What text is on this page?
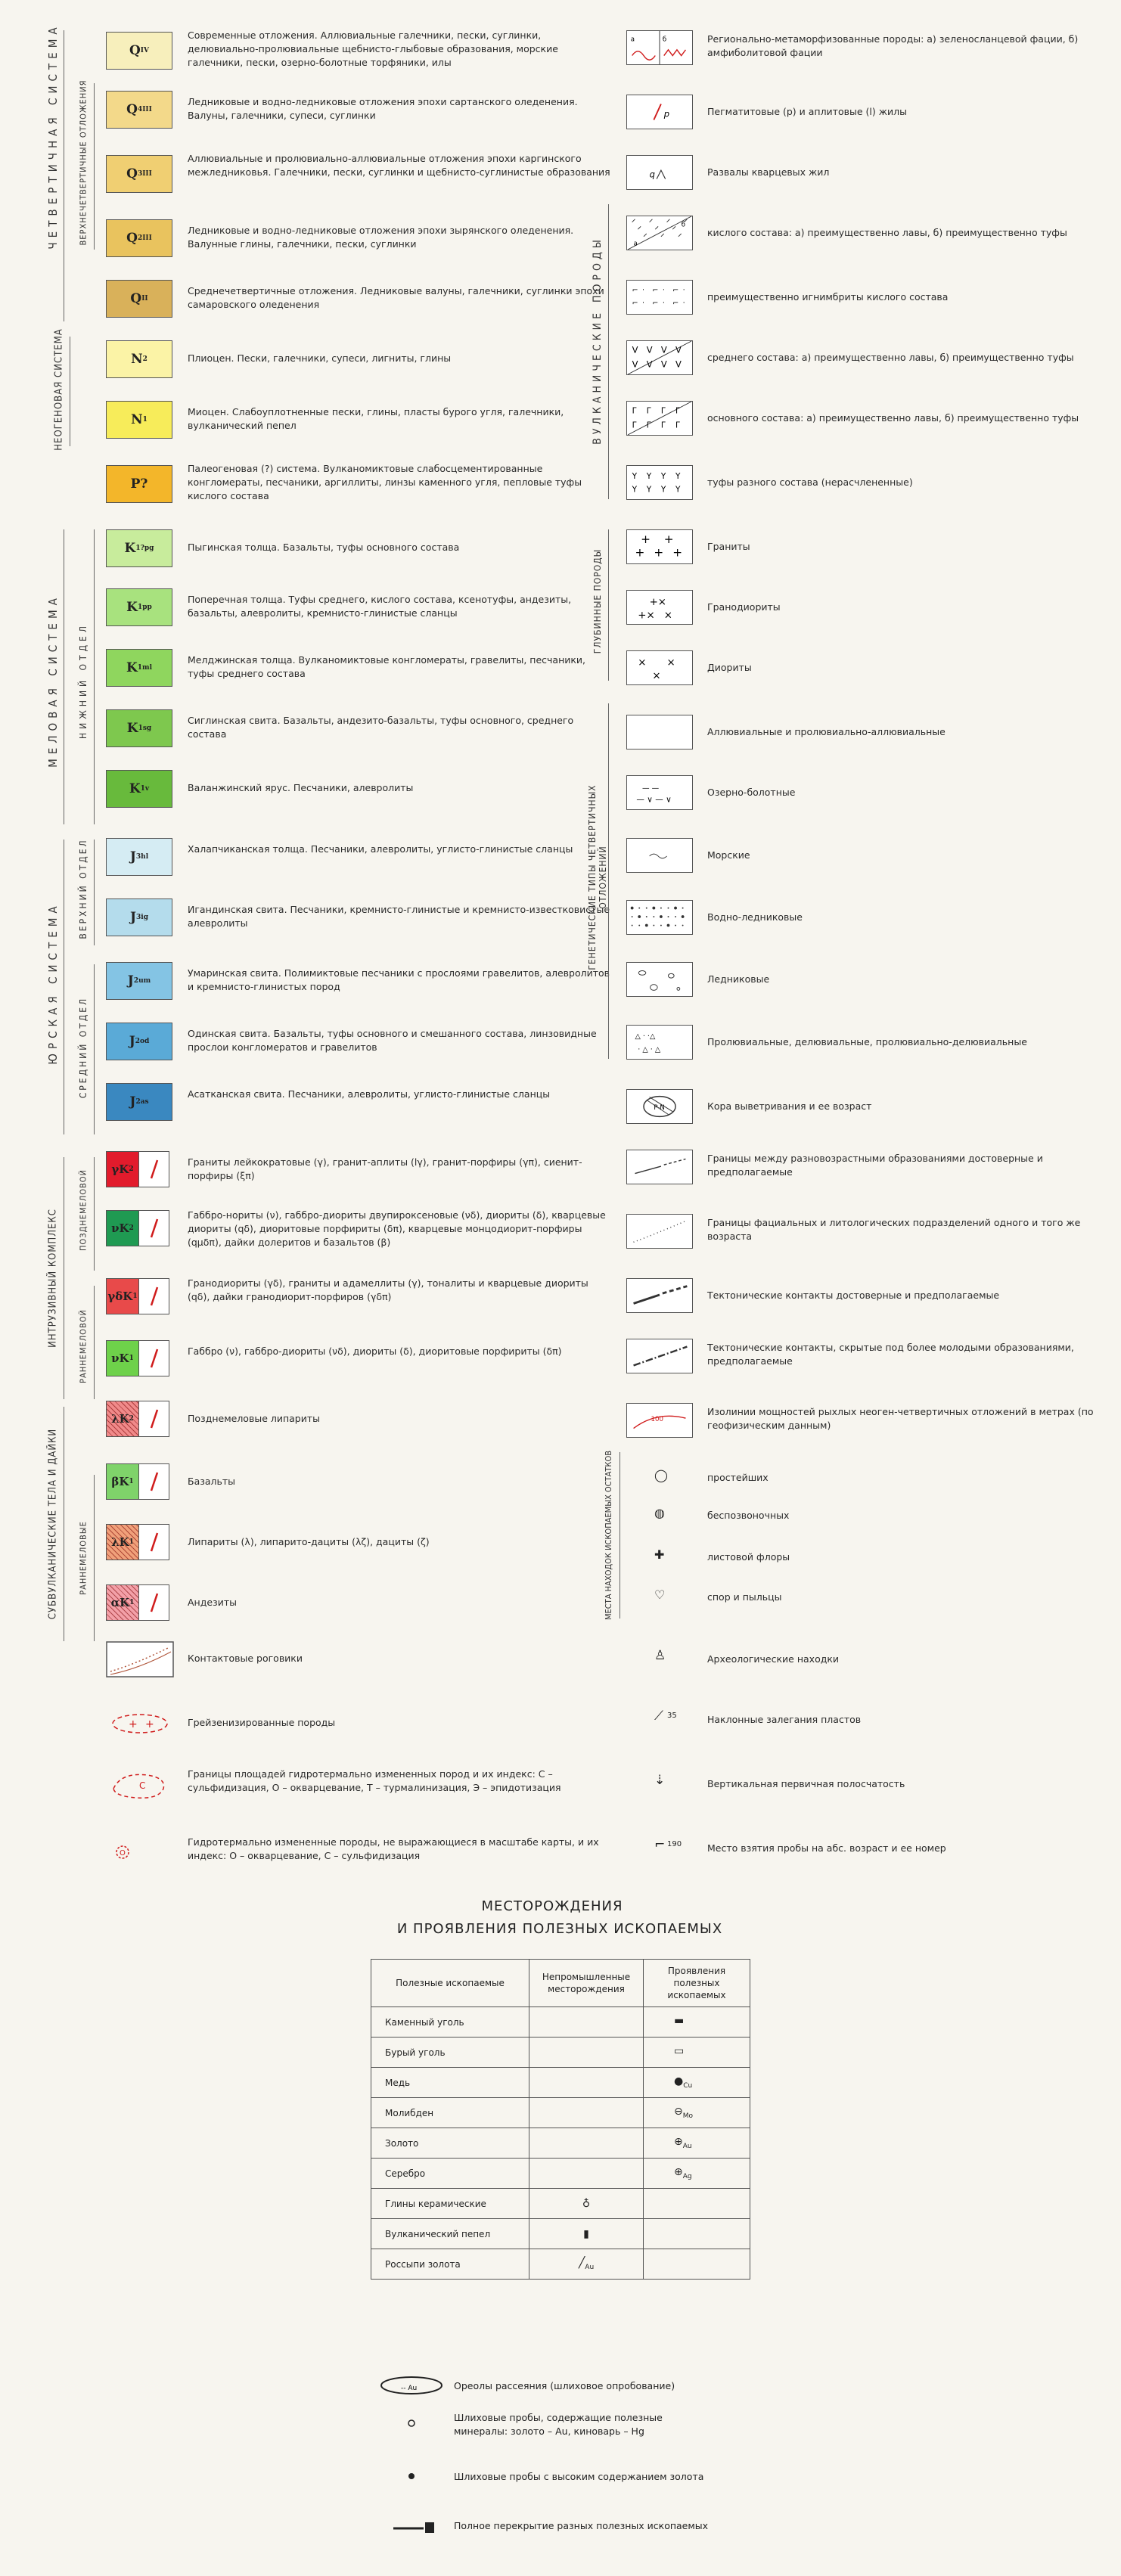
ЧЕТВЕРТИЧНАЯ СИСТЕМА ВЕРХНЕЧЕТВЕРТИЧНЫЕ ОТЛОЖЕНИЯ
НЕОГЕНОВАЯ СИСТЕМА
МЕЛОВАЯ СИСТЕМА НИЖНИЙ ОТДЕЛ
ЮРСКАЯ СИСТЕМА
ВЕРХНИЙ ОТДЕЛ
СРЕДНИЙ ОТДЕЛ
ИНТРУЗИВНЫЙ КОМПЛЕКС ПОЗДНЕМЕЛОВОЙ
РАННЕМЕЛОВОЙ
СУБВУЛКАНИЧЕСКИЕ ТЕЛА И ДАЙКИ РАННЕМЕЛОВЫЕ
Q IV
Современные отложения. Аллювиальные галечники, пески, суглинки, делювиально-пролювиальные щебнисто-глыбовые образования, морские галечники, пески, озерно-болотные торфяники, илы
Q 4 III
Ледниковые и водно-ледниковые отложения эпохи сартанского оледенения. Валуны, галечники, супеси, суглинки
Q 3 III
Аллювиальные и пролювиально-аллювиальные отложения эпохи каргинского межледниковья. Галечники, пески, суглинки и щебнисто-суглинистые образования
Q 2 III
Ледниковые и водно-ледниковые отложения эпохи зырянского оледенения. Валунные глины, галечники, пески, суглинки
Q II
Среднечетвертичные отложения. Ледниковые валуны, галечники, суглинки эпохи самаровского оледенения
N 2	Плиоцен. Пески, галечники, супеси, лигниты, глины
N 1
Миоцен. Слабоуплотненные пески, глины, пласты бурого угля, галечники, вулканический пепел
P?
Палеогеновая (?) система. Вулканомиктовые слабосцементированные конгломераты, песчаники, аргиллиты, линзы каменного угля, пепловые туфы кислого состава
K 1?pg	Пыгинская толща. Базальты, туфы основного состава
K 1pp
Поперечная толща. Туфы среднего, кислого состава, ксенотуфы, андезиты, базальты, алевролиты, кремнисто-глинистые сланцы
K 1ml
Мелджинская толща. Вулканомиктовые конгломераты, гравелиты, песчаники, туфы среднего состава
K 1sg
Сиглинская свита. Базальты, андезито-базальты, туфы основного, среднего состава
K 1v	Валанжинский ярус. Песчаники, алевролиты
J 3hl
Халапчиканская толща. Песчаники, алевролиты, углисто-глинистые сланцы
J 3ig
Игандинская свита. Песчаники, кремнисто-глинистые и кремнисто-известковистые алевролиты
J 2um
Умаринская свита. Полимиктовые песчаники с прослоями гравелитов, алевролитов и кремнисто-глинистых пород
J 2od
Одинская свита. Базальты, туфы основного и смешанного состава, линзовидные прослои конгломератов и гравелитов
J 2as
Асатканская свита. Песчаники, алевролиты, углисто-глинистые сланцы
γK 2
Граниты лейкократовые (γ), гранит-аплиты (lγ), гранит-порфиры (γπ), сиенит-порфиры (ξπ)
νK 2
Габбро-нориты (ν), габбро-диориты двупироксеновые (νδ), диориты (δ), кварцевые диориты (qδ), диоритовые порфириты (δπ), кварцевые монцодиорит-порфиры (qμδπ), дайки долеритов и базальтов (β)
γδK 1
Гранодиориты (γδ), граниты и адамеллиты (γ), тоналиты и кварцевые диориты (qδ), дайки гранодиорит-порфиров (γδπ)
νK 1
Габбро (ν), габбро-диориты (νδ), диориты (δ), диоритовые порфириты (δπ)
λK 2	Позднемеловые липариты
βK 1	Базальты
λK 1	Липариты (λ), липарито-дациты (λζ), дациты (ζ)
αK 1	Андезиты
Контактовые роговики
+ +	Грейзенизированные породы
C
Границы площадей гидротермально измененных пород и их индекс: С – сульфидизация, О – окварцевание, Т – турмалинизация, Э – эпидотизация
O
Гидротермально измененные породы, не выражающиеся в масштабе карты, и их индекс: О – окварцевание, С – сульфидизация
ВУЛКАНИЧЕСКИЕ ПОРОДЫ
ГЛУБИННЫЕ ПОРОДЫ
ГЕНЕТИЧЕСКИЕ ТИПЫ ЧЕТВЕРТИЧНЫХ ОТЛОЖЕНИЙ
МЕСТА НАХОДОК ИСКОПАЕМЫХ ОСТАТКОВ
а	б	Регионально-метаморфизованные породы: а) зеленосланцевой фации, б) амфиболитовой фации
p	Пегматитовые (p) и аплитовые (l) жилы
q	Развалы кварцевых жил
а
б
кислого состава: а) преимущественно лавы, б) преимущественно туфы
⌐ · ⌐ · ⌐ ·
⌐ · ⌐ · ⌐ ·
преимущественно игнимбриты кислого состава
V V V V
V V V V
среднего состава: а) преимущественно лавы, б) преимущественно туфы
Г Г Г Г
Г Г Г Г
основного состава: а) преимущественно лавы, б) преимущественно туфы
Y Y Y Y
Y Y Y Y
туфы разного состава (нерасчлененные)
+ +
+ + +	Граниты
+×
+× ×
Гранодиориты
× ×
×
Диориты
Аллювиальные и пролювиально-аллювиальные
— —
— ∨ — ∨
Озерно-болотные
Морские
Водно-ледниковые
Ледниковые
△ · ·△
· △ · △
Пролювиальные, делювиальные, пролювиально-делювиальные
P-N	Кора выветривания и ее возраст
Границы между разновозрастными образованиями достоверные и предполагаемые
Границы фациальных и литологических подразделений одного и того же возраста
Тектонические контакты достоверные и предполагаемые
Тектонические контакты, скрытые под более молодыми образованиями, предполагаемые
100
Изолинии мощностей рыхлых неоген-четвертичных отложений в метрах (по геофизическим данным)
◯	простейших
◍	беспозвоночных
✚	листовой флоры
♡	спор и пыльцы
♙	Археологические находки
⟋ 35	Наклонные залегания пластов
⇣	Вертикальная первичная полосчатость
⌐ 190	Место взятия пробы на абс. возраст и ее номер
МЕСТОРОЖДЕНИЯ
И ПРОЯВЛЕНИЯ ПОЛЕЗНЫХ ИСКОПАЕМЫХ
Полезные ископаемые	Непромышленные месторождения	Проявления полезных ископаемых
Каменный уголь		▬
Бурый уголь		▭
Медь		$●_{Cu}$
Молибден		$⊖_{Mo}$
Золото		$\oplus_{Au}$
Серебро		$\oplus_{Ag}$
Глины керамические	♁	
Вулканический пепел	▮	
Россыпи золота	$╱_{Au}$	
-- Au	Ореолы рассеяния (шлиховое опробование)
Шлиховые пробы, содержащие полезные минералы: золото – Au, киноварь – Hg
Шлиховые пробы с высоким содержанием золота
Полное перекрытие разных полезных ископаемых
